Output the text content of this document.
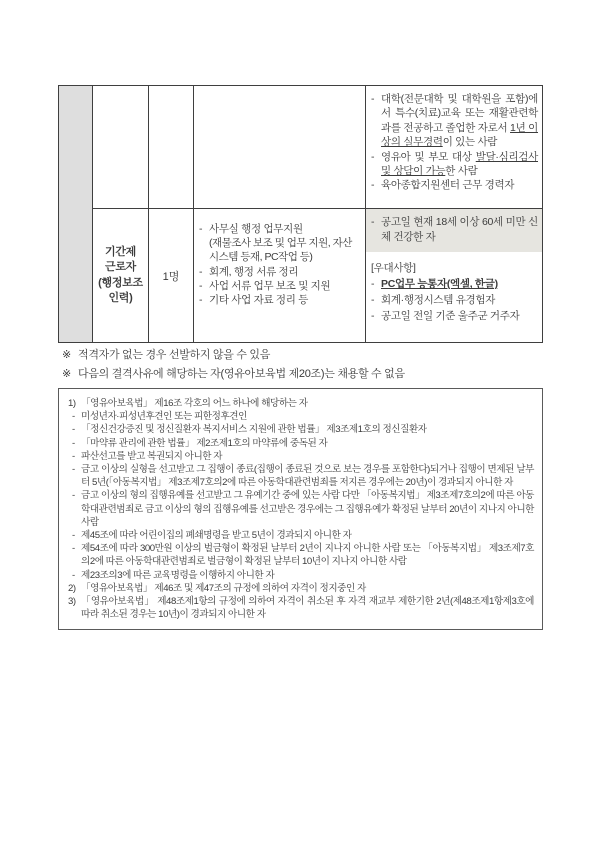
- 대학(전문대학 및 대학원을 포함)에서 특수(치료)교육 또는 재활관련학과를 전공하고 졸업한 자로서 1년 이상의 실무경력이 있는 사람
- 영유아 및 부모 대상 발달·심리검사 및 상담이 가능한 사람
- 육아종합지원센터 근무 경력자
기간제
근로자
(행정보조
인력)
1명
- 사무실 행정 업무지원
(재물조사 보조 및 업무 지원, 자산 시스템 등재, PC작업 등)
- 회계, 행정 서류 정리
- 사업 서류 업무 보조 및 지원
- 기타 사업 자료 정리 등
- 공고일 현재 18세 이상 60세 미만 신체 건강한 자
[우대사항]
- PC업무 능통자(엑셀, 한글)
- 회계·행정시스템 유경험자
- 공고일 전일 기준 울주군 거주자
※ 적격자가 없는 경우 선발하지 않을 수 있음
※ 다음의 결격사유에 해당하는 자(영유아보육법 제20조)는 채용할 수 없음
1) 「영유아보육법」 제16조 각호의 어느 하나에 해당하는 자
- 미성년자·피성년후견인 또는 피한정후견인
- 「정신건강증진 및 정신질환자 복지서비스 지원에 관한 법률」 제3조제1호의 정신질환자
- 「마약류 관리에 관한 법률」 제2조제1호의 마약류에 중독된 자
- 파산선고를 받고 복권되지 아니한 자
- 금고 이상의 실형을 선고받고 그 집행이 종료(집행이 종료된 것으로 보는 경우를 포함한다)되거나 집행이 면제된 날부터 5년(「아동복지법」 제3조제7호의2에 따른 아동학대관련범죄를 저지른 경우에는 20년)이 경과되지 아니한 자
- 금고 이상의 형의 집행유예를 선고받고 그 유예기간 중에 있는 사람 다만 「아동복지법」 제3조제7호의2에 따른 아동학대관련범죄로 금고 이상의 형의 집행유예를 선고받은 경우에는 그 집행유예가 확정된 날부터 20년이 지나지 아니한 사람
- 제45조에 따라 어린이집의 폐쇄명령을 받고 5년이 경과되지 아니한 자
- 제54조에 따라 300만원 이상의 벌금형이 확정된 날부터 2년이 지나지 아니한 사람 또는 「아동복지법」 제3조제7호의2에 따른 아동학대관련범죄로 벌금형이 확정된 날부터 10년이 지나지 아니한 사람
- 제23조의3에 따른 교육명령을 이행하지 아니한 자
2) 「영유아보육법」 제46조 및 제47조의 규정에 의하여 자격이 정지중인 자
3) 「영유아보육법」 제48조제1항의 규정에 의하여 자격이 취소된 후 자격 재교부 제한기한 2년(제48조제1항제3호에 따라 취소된 경우는 10년)이 경과되지 아니한 자
